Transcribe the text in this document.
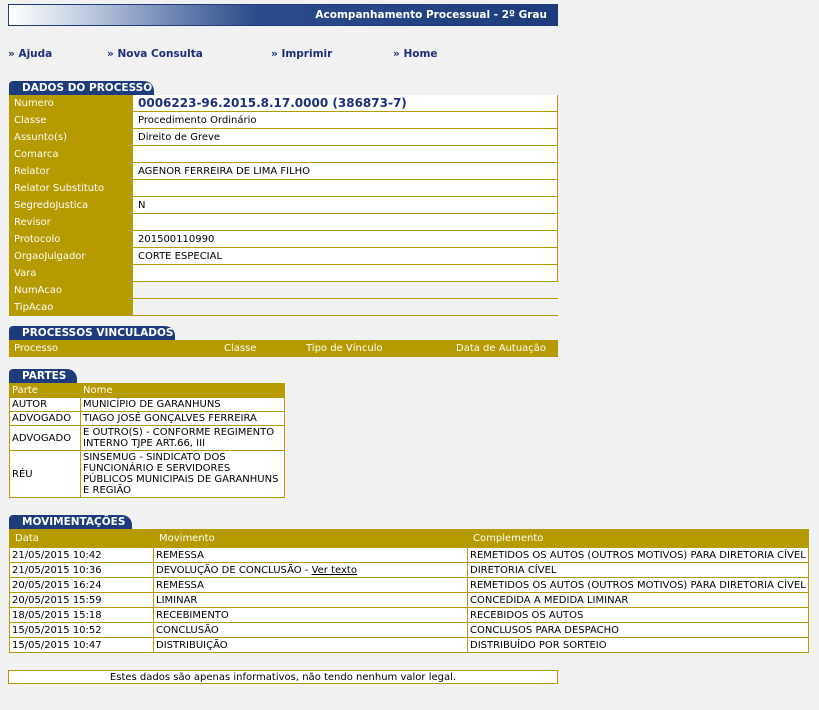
Acompanhamento Processual - 2º Grau
» Ajuda	» Nova Consulta	» Imprimir	» Home
DADOS DO PROCESSO
Numero	0006223-96.2015.8.17.0000 (386873-7)
Classe	Procedimento Ordinário
Assunto(s)	Direito de Greve
Comarca	
Relator	AGENOR FERREIRA DE LIMA FILHO
Relator Substituto	
SegredoJustica	N
Revisor	
Protocolo	201500110990
OrgaoJulgador	CORTE ESPECIAL
Vara	
NumAcao	
TipAcao	
PROCESSOS VINCULADOS
Processo	Classe	Tipo de Vínculo	Data de Autuação
PARTES
Parte	Nome
AUTOR	MUNICÍPIO DE GARANHUNS
ADVOGADO	TIAGO JOSÉ GONÇALVES FERREIRA
ADVOGADO	E OUTRO(S) - CONFORME REGIMENTO INTERNO TJPE ART.66, III
RÉU	SINSEMUG - SINDICATO DOS FUNCIONÁRIO E SERVIDORES PÚBLICOS MUNICIPAIS DE GARANHUNS E REGIÃO
MOVIMENTAÇÕES
Data	Movimento	Complemento
21/05/2015 10:42	REMESSA	REMETIDOS OS AUTOS (OUTROS MOTIVOS) PARA DIRETORIA CÍVEL
21/05/2015 10:36	DEVOLUÇÃO DE CONCLUSÃO - Ver texto	DIRETORIA CÍVEL
20/05/2015 16:24	REMESSA	REMETIDOS OS AUTOS (OUTROS MOTIVOS) PARA DIRETORIA CÍVEL
20/05/2015 15:59	LIMINAR	CONCEDIDA A MEDIDA LIMINAR
18/05/2015 15:18	RECEBIMENTO	RECEBIDOS OS AUTOS
15/05/2015 10:52	CONCLUSÃO	CONCLUSOS PARA DESPACHO
15/05/2015 10:47	DISTRIBUIÇÃO	DISTRIBUÍDO POR SORTEIO
Estes dados são apenas informativos, não tendo nenhum valor legal.
